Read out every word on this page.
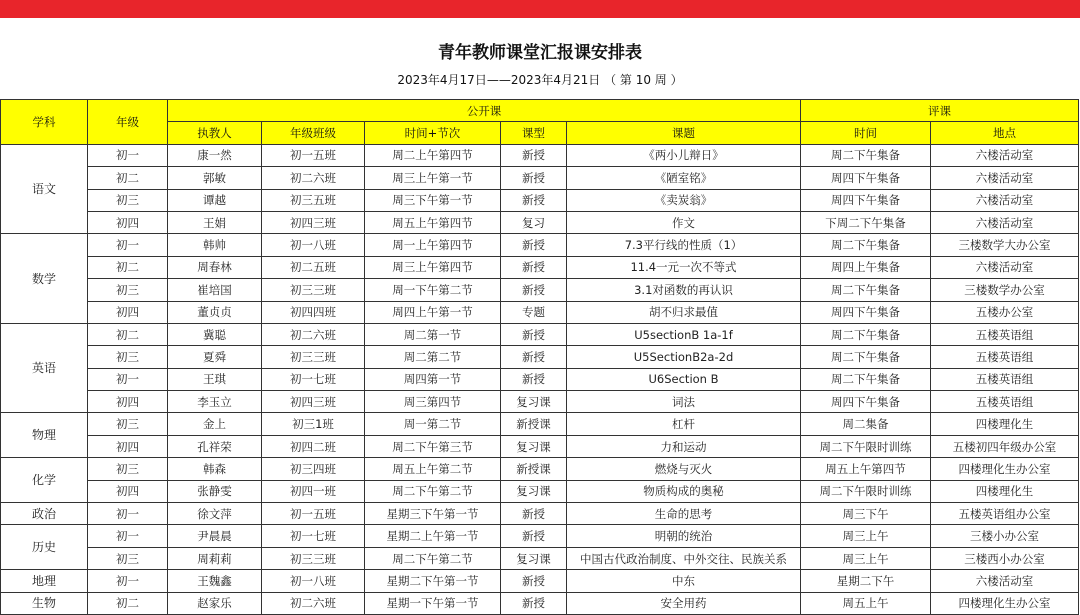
青年教师课堂汇报课安排表
2023年4月17日——2023年4月21日 （ 第 10 周 ）
学科	年级	公开课					评课	
		执教人	年级班级	时间+节次	课型	课题	时间	地点
语文	初一	康一然	初一五班	周二上午第四节	新授	《两小儿辩日》	周二下午集备	六楼活动室
	初二	郭敏	初二六班	周三上午第一节	新授	《陋室铭》	周四下午集备	六楼活动室
	初三	谭越	初三五班	周三下午第一节	新授	《卖炭翁》	周四下午集备	六楼活动室
	初四	王娟	初四三班	周五上午第四节	复习	作文	下周二下午集备	六楼活动室
数学	初一	韩帅	初一八班	周一上午第四节	新授	7.3平行线的性质（1）	周二下午集备	三楼数学大办公室
	初二	周春林	初二五班	周三上午第四节	新授	11.4一元一次不等式	周四上午集备	六楼活动室
	初三	崔培国	初三三班	周一下午第二节	新授	3.1对函数的再认识	周二下午集备	三楼数学办公室
	初四	董贞贞	初四四班	周四上午第一节	专题	胡不归求最值	周四下午集备	五楼办公室
英语	初二	冀聪	初二六班	周二第一节	新授	U5sectionB 1a-1f	周二下午集备	五楼英语组
	初三	夏舜	初三三班	周二第二节	新授	U5SectionB2a-2d	周二下午集备	五楼英语组
	初一	王琪	初一七班	周四第一节	新授	U6Section B	周二下午集备	五楼英语组
	初四	李玉立	初四三班	周三第四节	复习课	词法	周四下午集备	五楼英语组
物理	初三	金上	初三1班	周一第二节	新授课	杠杆	周二集备	四楼理化生
	初四	孔祥荣	初四二班	周二下午第三节	复习课	力和运动	周二下午限时训练	五楼初四年级办公室
化学	初三	韩森	初三四班	周五上午第二节	新授课	燃烧与灭火	周五上午第四节	四楼理化生办公室
	初四	张静雯	初四一班	周二下午第二节	复习课	物质构成的奥秘	周二下午限时训练	四楼理化生
政治	初一	徐文萍	初一五班	星期三下午第一节	新授	生命的思考	周三下午	五楼英语组办公室
历史	初一	尹晨晨	初一七班	星期二上午第一节	新授	明朝的统治	周三上午	三楼小办公室
	初三	周莉莉	初三三班	周二下午第二节	复习课	中国古代政治制度、中外交往、民族关系	周三上午	三楼西小办公室
地理	初一	王魏鑫	初一八班	星期二下午第一节	新授	中东	星期二下午	六楼活动室
生物	初二	赵家乐	初二六班	星期一下午第一节	新授	安全用药	周五上午	四楼理化生办公室
